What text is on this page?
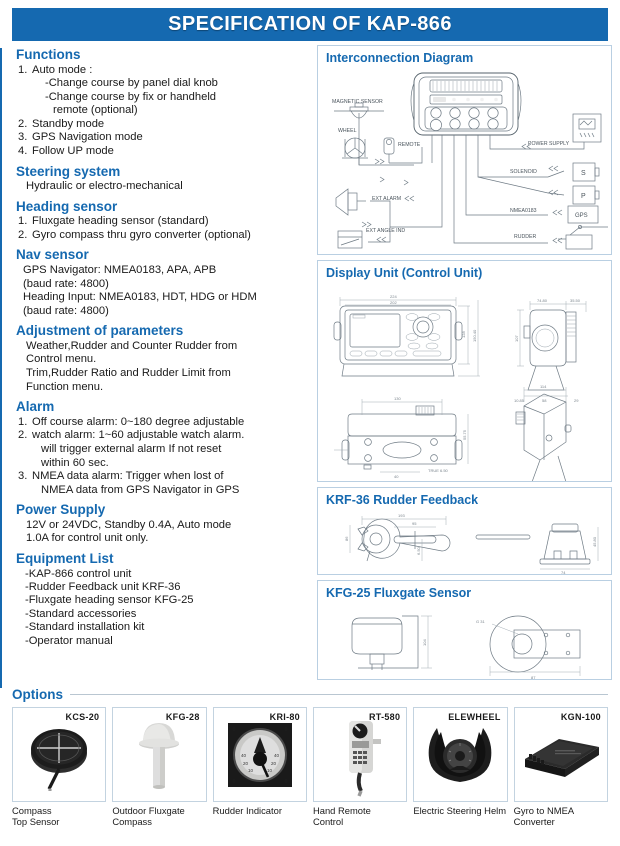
SPECIFICATION OF KAP-866
Functions
1. Auto mode :
-Change course by panel dial knob
-Change course by fix or handheld
remote (optional)
2. Standby mode
3. GPS Navigation mode
4. Follow UP mode
Steering system
Hydraulic or electro-mechanical
Heading sensor
1. Fluxgate heading sensor (standard)
2. Gyro compass thru gyro converter (optional)
Nav sensor
GPS Navigator: NMEA0183, APA, APB
(baud rate: 4800)
Heading Input: NMEA0183, HDT, HDG or HDM
(baud rate: 4800)
Adjustment of parameters
Weather,Rudder and Counter Rudder from
Control menu.
Trim,Rudder Ratio and Rudder Limit from
Function menu.
Alarm
1. Off course alarm: 0~180 degree adjustable
2. watch alarm: 1~60 adjustable watch alarm.
will trigger external alarm If not reset
within 60 sec.
3. NMEA data alarm: Trigger when lost of
NMEA data from GPS Navigator in GPS
Power Supply
12V or 24VDC, Standby 0.4A, Auto mode
1.0A for control unit only.
Equipment List
-KAP-866 control unit
-Rudder Feedback unit KRF-36
-Fluxgate heading sensor KFG-25
-Standard accessories
-Standard installation kit
-Operator manual
Interconnection Diagram
MAGNETIC SENSOR
WHEEL
REMOTE
EXT ALARM
EXT ANGLE IND
POWER SUPPLY
S
P
SOLENOID
GPS
NMEA0183
RUDDER
Display Unit (Control Unit)
224
202
128 150.40
74.80	35.50
107
10.85	58	29
130
55.75
40
TRUE 6.50
114
KRF-36 Rudder Feedback
193
95
86
6.50
45.80
74
KFG-25 Fluxgate Sensor
104
G 31
87
Options
KCS-20
Compass
Top Sensor
KFG-28
Outdoor Fluxgate
Compass
KRI-80
40	40
20	20
10	10
Rudder Indicator
RT-580
Hand Remote
Control
ELEWHEEL
Electric Steering Helm
KGN-100
Gyro to NMEA Converter
